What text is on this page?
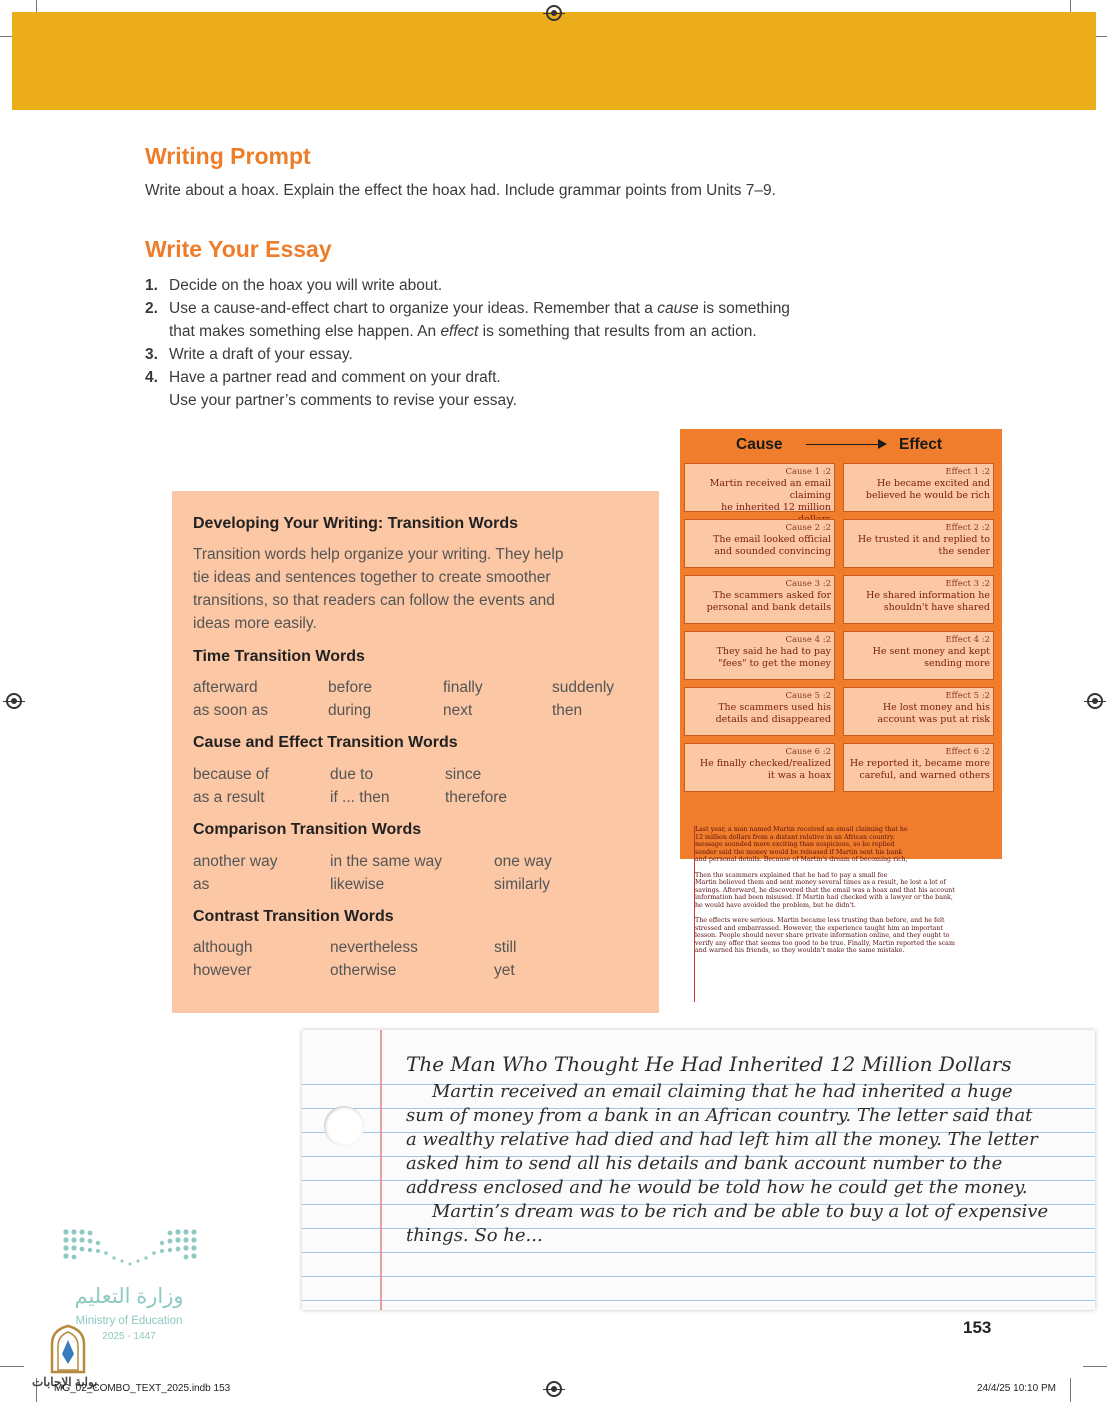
Writing Prompt
Write about a hoax. Explain the effect the hoax had. Include grammar points from Units 7–9.
Write Your Essay
1. Decide on the hoax you will write about.
2. Use a cause-and-effect chart to organize your ideas. Remember that a cause is something
that makes something else happen. An effect is something that results from an action.
3. Write a draft of your essay.
4. Have a partner read and comment on your draft.
Use your partner’s comments to revise your essay.
Developing Your Writing: Transition Words
Transition words help organize your writing. They help
tie ideas and sentences together to create smoother
transitions, so that readers can follow the events and
ideas more easily.
Time Transition Words
afterward	before	finally	suddenly
as soon as	during	next	then
Cause and Effect Transition Words
because of	due to	since
as a result	if ... then	therefore
Comparison Transition Words
another way	in the same way	one way
as	likewise	similarly
Contrast Transition Words
although	nevertheless	still
however	otherwise	yet
Cause	Effect
Cause 1 :2
Martin received an email claiming
he inherited 12 million
Effect 1 :2
He became excited and
believed he would be rich
Cause 2 :2
The email looked official
and sounded convincing
Effect 2 :2
He trusted it and replied to
the sender
Cause 3 :2
The scammers asked for
personal and bank details
Effect 3 :2
He shared information he
shouldn't have shared
Cause 4 :2
They said he had to pay
"fees" to get the money
Effect 4 :2
He sent money and kept
sending more
Cause 5 :2
The scammers used his
details and disappeared
Effect 5 :2
He lost money and his
account was put at risk
Cause 6 :2
He finally checked/realized
it was a hoax
Effect 6 :2
He reported it, became more
careful, and warned others
Last year, a man named Martin received an email claiming that he
12 million dollars from a distant relative in an African country.
message sounded more exciting than suspicious, so he replied
sender said the money would be released if Martin sent his bank
and personal details. Because of Martin's dream of becoming rich,
Then the scammers explained that he had to pay a small fee
Martin believed them and sent money several times as a result, he lost a lot of
savings. Afterward, he discovered that the email was a hoax and that his account
information had been misused. If Martin had checked with a lawyer or the bank,
he would have avoided the problem, but he didn't.
The effects were serious. Martin became less trusting than before, and he felt
stressed and embarrassed. However, the experience taught him an important
lesson. People should never share private information online, and they ought to
verify any offer that seems too good to be true. Finally, Martin reported the scam
and warned his friends, so they wouldn't make the same mistake.
The Man Who Thought He Had Inherited 12 Million Dollars
Martin received an email claiming that he had inherited a huge
sum of money from a bank in an African country. The letter said that
a wealthy relative had died and had left him all the money. The letter
asked him to send all his details and bank account number to the
address enclosed and he would be told how he could get the money.
Martin’s dream was to be rich and be able to buy a lot of expensive
things. So he...
153
وزارة التعليم
Ministry of Education
2025 - 1447
بوابة الإجابات
MG_02_COMBO_TEXT_2025.indb 153	24/4/25 10:10 PM
